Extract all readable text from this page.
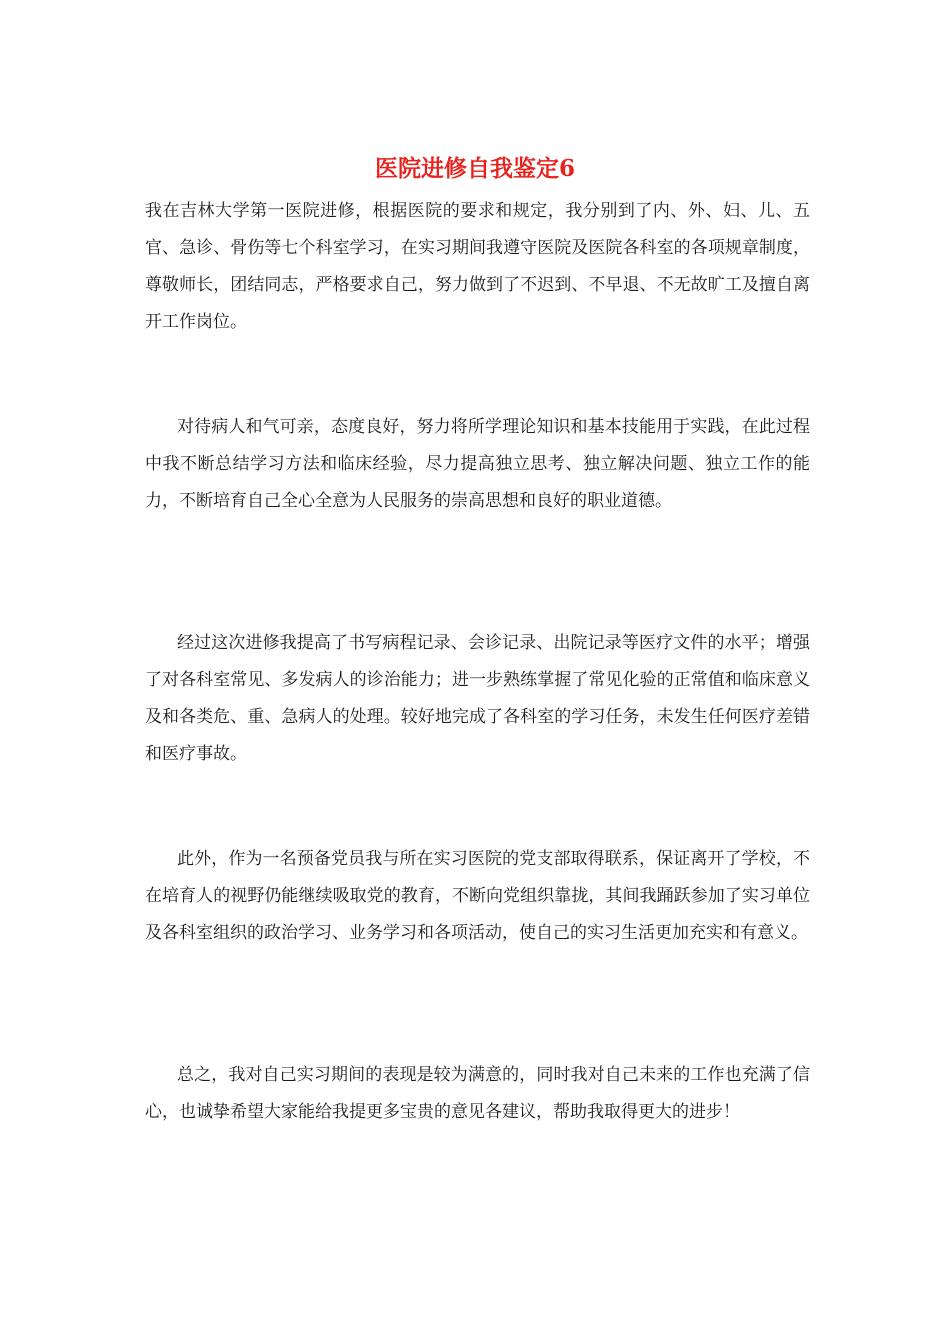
医院进修自我鉴定6

我在吉林大学第一医院进修，根据医院的要求和规定，我分别到了内、外、妇、儿、五官、急诊、骨伤等七个科室学习，在实习期间我遵守医院及医院各科室的各项规章制度，尊敬师长，团结同志，严格要求自己，努力做到了不迟到、不早退、不无故旷工及擅自离开工作岗位。

对待病人和气可亲，态度良好，努力将所学理论知识和基本技能用于实践，在此过程中我不断总结学习方法和临床经验，尽力提高独立思考、独立解决问题、独立工作的能力，不断培育自己全心全意为人民服务的崇高思想和良好的职业道德。

经过这次进修我提高了书写病程记录、会诊记录、出院记录等医疗文件的水平；增强了对各科室常见、多发病人的诊治能力；进一步熟练掌握了常见化验的正常值和临床意义及和各类危、重、急病人的处理。较好地完成了各科室的学习任务，未发生任何医疗差错和医疗事故。

此外，作为一名预备党员我与所在实习医院的党支部取得联系，保证离开了学校，不在培育人的视野仍能继续吸取党的教育，不断向党组织靠拢，其间我踊跃参加了实习单位及各科室组织的政治学习、业务学习和各项活动，使自己的实习生活更加充实和有意义。

总之，我对自己实习期间的表现是较为满意的，同时我对自己未来的工作也充满了信心，也诚挚希望大家能给我提更多宝贵的意见各建议，帮助我取得更大的进步！
